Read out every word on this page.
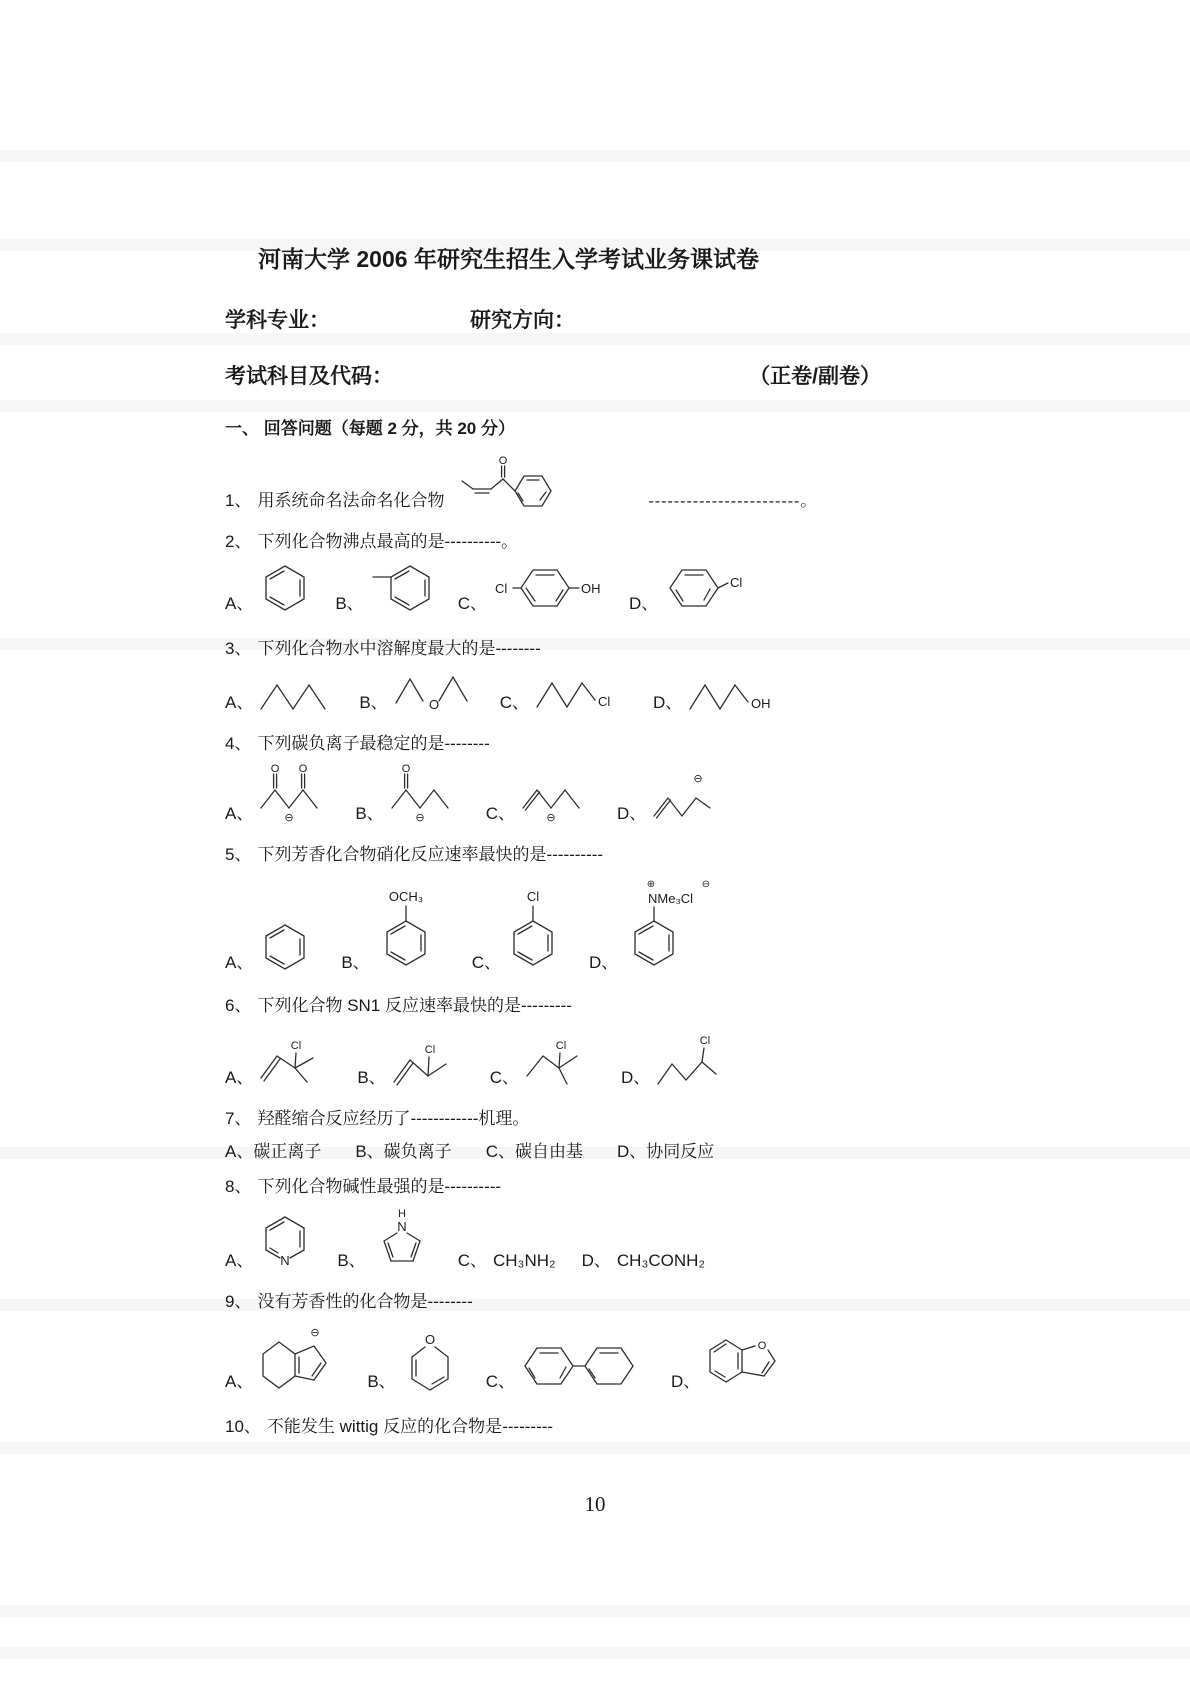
河南大学 2006 年研究生招生入学考试业务课试卷
学科专业：	研究方向：
考试科目及代码：	（正卷/副卷）
一、 回答问题（每题 2 分，共 20 分）
1、 用系统命名法命名化合物
O
------------------------。
2、 下列化合物沸点最高的是----------。
A、	B、	C、
Cl	OH
D、
Cl
3、 下列化合物水中溶解度最大的是--------
A、	B、	O	C、	Cl	D、	OH
4、 下列碳负离子最稳定的是--------
A、
O O
⊖	B、
O
⊖	C、	⊖	D、
⊖
5、 下列芳香化合物硝化反应速率最快的是----------
A、	B、
OCH₃
C、
Cl
D、
⊕
NMe₃Cl
⊖
6、 下列化合物 SN1 反应速率最快的是---------
A、
Cl
B、
Cl
C、
Cl
D、
Cl
7、 羟醛缩合反应经历了------------机理。
A、碳正离子 B、碳负离子 C、碳自由基 D、协同反应
8、 下列化合物碱性最强的是----------
A、 N	B、
H
N
C、 CH₃NH₂ D、 CH₃CONH₂
9、 没有芳香性的化合物是--------
A、
⊖
B、
O
C、	D、
O
10、 不能发生 wittig 反应的化合物是---------
10
